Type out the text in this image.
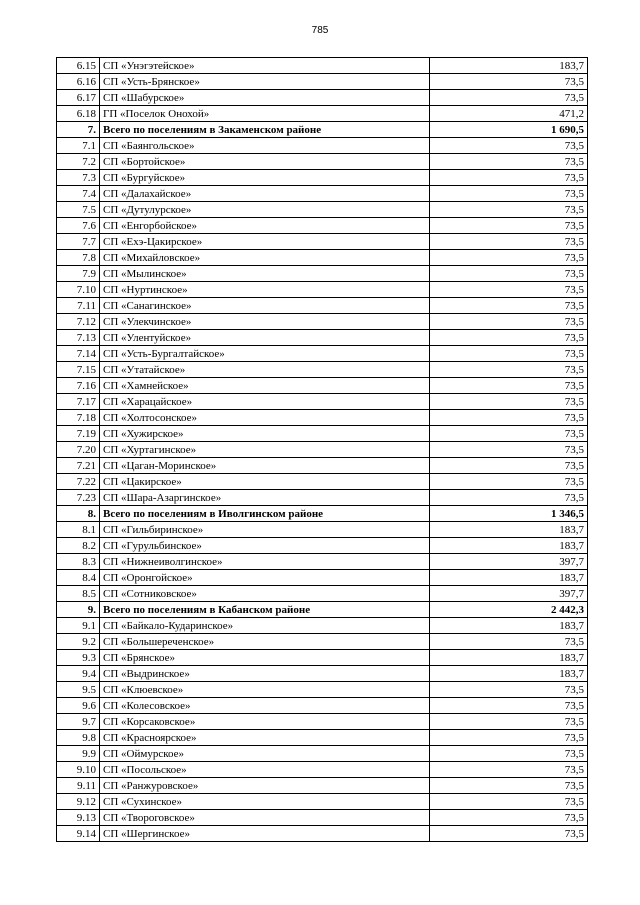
785
6.15	СП «Унэгэтейское»	183,7
6.16	СП «Усть-Брянское»	73,5
6.17	СП «Шабурское»	73,5
6.18	ГП «Поселок Онохой»	471,2
7.	Всего по поселениям в Закаменском районе	1 690,5
7.1	СП «Баянгольское»	73,5
7.2	СП «Бортойское»	73,5
7.3	СП «Бургуйское»	73,5
7.4	СП «Далахайское»	73,5
7.5	СП «Дутулурское»	73,5
7.6	СП «Енгорбойское»	73,5
7.7	СП «Ехэ-Цакирское»	73,5
7.8	СП «Михайловское»	73,5
7.9	СП «Мылинское»	73,5
7.10	СП «Нуртинское»	73,5
7.11	СП «Санагинское»	73,5
7.12	СП «Улекчинское»	73,5
7.13	СП «Улентуйское»	73,5
7.14	СП «Усть-Бургалтайское»	73,5
7.15	СП «Утатайское»	73,5
7.16	СП «Хамнейское»	73,5
7.17	СП «Харацайское»	73,5
7.18	СП «Холтосонское»	73,5
7.19	СП «Хужирское»	73,5
7.20	СП «Хуртагинское»	73,5
7.21	СП «Цаган-Моринское»	73,5
7.22	СП «Цакирское»	73,5
7.23	СП «Шара-Азаргинское»	73,5
8.	Всего по поселениям в Иволгинском районе	1 346,5
8.1	СП «Гильбиринское»	183,7
8.2	СП «Гурульбинское»	183,7
8.3	СП «Нижнеиволгинское»	397,7
8.4	СП «Оронгойское»	183,7
8.5	СП «Сотниковское»	397,7
9.	Всего по поселениям в Кабанском районе	2 442,3
9.1	СП «Байкало-Кударинское»	183,7
9.2	СП «Большереченское»	73,5
9.3	СП «Брянское»	183,7
9.4	СП «Выдринское»	183,7
9.5	СП «Клюевское»	73,5
9.6	СП «Колесовское»	73,5
9.7	СП «Корсаковское»	73,5
9.8	СП «Красноярское»	73,5
9.9	СП «Оймурское»	73,5
9.10	СП «Посольское»	73,5
9.11	СП «Ранжуровское»	73,5
9.12	СП «Сухинское»	73,5
9.13	СП «Твороговское»	73,5
9.14	СП «Шергинское»	73,5
